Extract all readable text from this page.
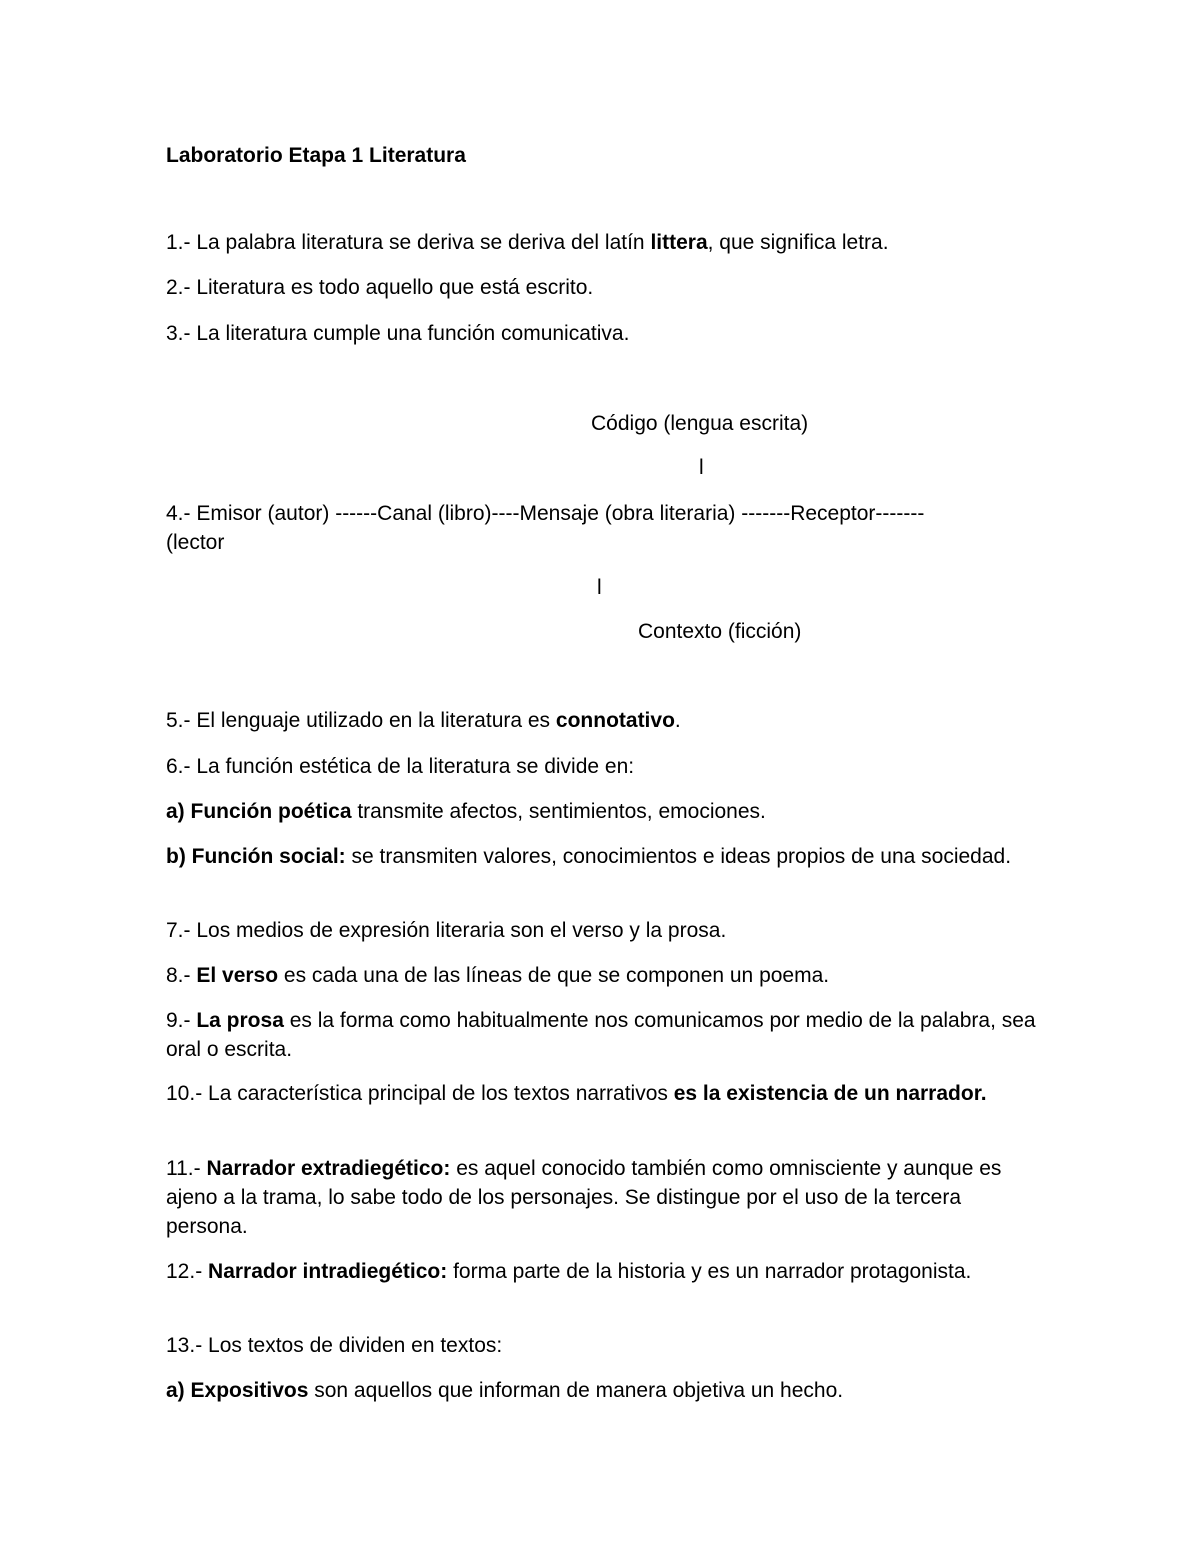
Laboratorio Etapa 1 Literatura
1.- La palabra literatura se deriva se deriva del latín littera, que significa letra.
2.- Literatura es todo aquello que está escrito.
3.- La literatura cumple una función comunicativa.
Código (lengua escrita)
l
4.- Emisor (autor) ------Canal (libro)----Mensaje (obra literaria) -------Receptor-------
(lector
l
Contexto (ficción)
5.- El lenguaje utilizado en la literatura es connotativo.
6.- La función estética de la literatura se divide en:
a) Función poética transmite afectos, sentimientos, emociones.
b) Función social: se transmiten valores, conocimientos e ideas propios de una sociedad.
7.- Los medios de expresión literaria son el verso y la prosa.
8.- El verso es cada una de las líneas de que se componen un poema.
9.- La prosa es la forma como habitualmente nos comunicamos por medio de la palabra, sea oral o escrita.
10.- La característica principal de los textos narrativos es la existencia de un narrador.
11.- Narrador extradiegético: es aquel conocido también como omnisciente y aunque es ajeno a la trama, lo sabe todo de los personajes. Se distingue por el uso de la tercera persona.
12.- Narrador intradiegético: forma parte de la historia y es un narrador protagonista.
13.- Los textos de dividen en textos:
a) Expositivos son aquellos que informan de manera objetiva un hecho.
